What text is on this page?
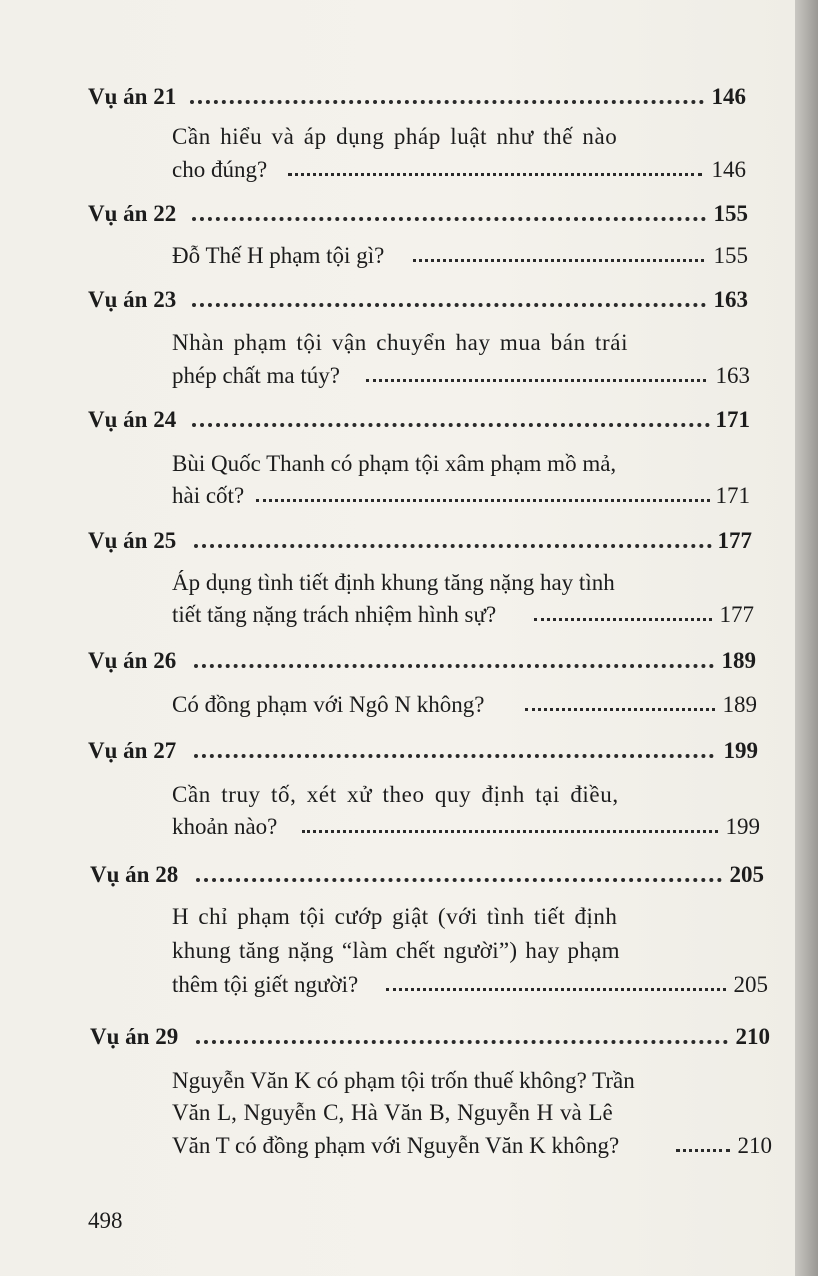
Vụ án 21	146
Cần hiểu và áp dụng pháp luật như thế nào
cho đúng?	146
Vụ án 22	155
Đỗ Thế H phạm tội gì?	155
Vụ án 23	163
Nhàn phạm tội vận chuyển hay mua bán trái
phép chất ma túy?	163
Vụ án 24	171
Bùi Quốc Thanh có phạm tội xâm phạm mồ mả,
hài cốt?	171
Vụ án 25	177
Áp dụng tình tiết định khung tăng nặng hay tình
tiết tăng nặng trách nhiệm hình sự?	177
Vụ án 26	189
Có đồng phạm với Ngô N không?	189
Vụ án 27	199
Cần truy tố, xét xử theo quy định tại điều,
khoản nào?	199
Vụ án 28	205
H chỉ phạm tội cướp giật (với tình tiết định
khung tăng nặng “làm chết người”) hay phạm
thêm tội giết người?	205
Vụ án 29	210
Nguyễn Văn K có phạm tội trốn thuế không? Trần
Văn L, Nguyễn C, Hà Văn B, Nguyễn H và Lê
Văn T có đồng phạm với Nguyễn Văn K không?	210
498
